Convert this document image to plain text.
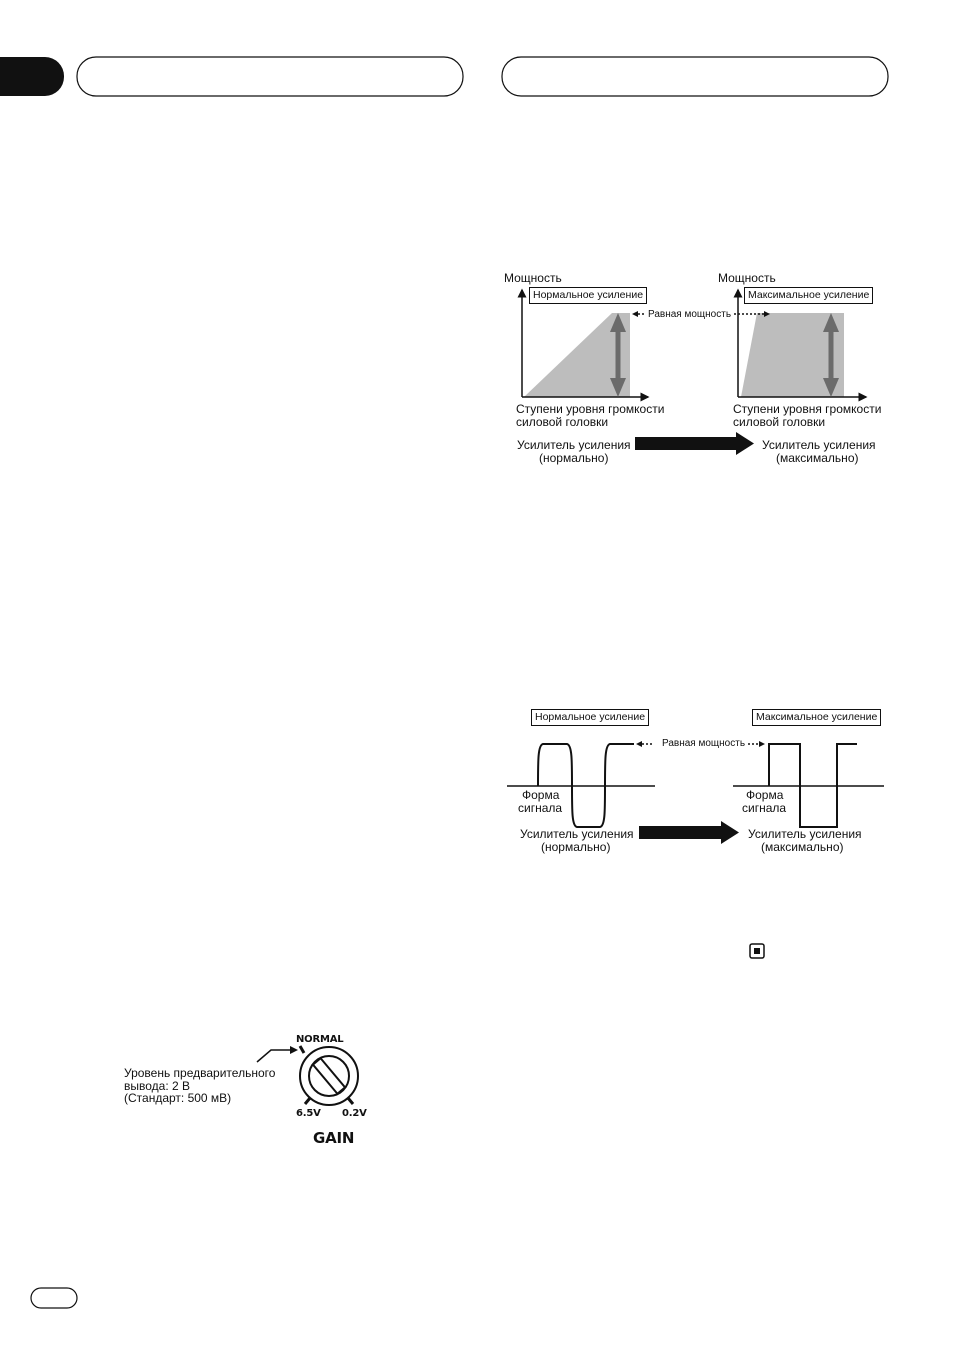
Мощность
Нормальное усиление
Равная мощность
Ступени уровня громкости
силовой головки
Мощность
Максимальное усиление
Ступени уровня громкости
силовой головки
Усилитель усиления
(нормально)
Усилитель усиления
(максимально)
Нормальное усиление	Максимальное усиление
Равная мощность
Форма
сигнала
Форма
сигнала
Усилитель усиления
(нормально)
Усилитель усиления
(максимально)
Уровень предварительного
вывода: 2 В
(Стандарт: 500 мВ)
NORMAL
6.5V 0.2V
GAIN
